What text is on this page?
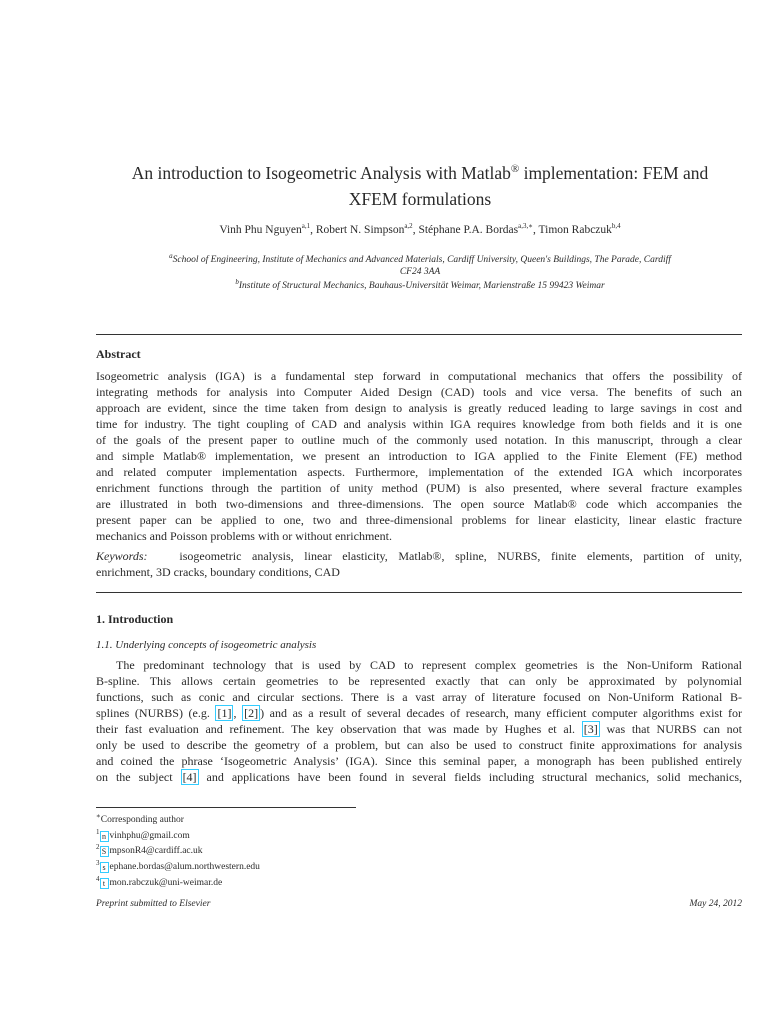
An introduction to Isogeometric Analysis with Matlab® implementation: FEM and
XFEM formulations
Vinh Phu Nguyen$^{a,1}$, Robert N. Simpson$^{a,2}$, Stéphane P.A. Bordas$^{a,3,∗}$, Timon Rabczuk$^{b,4}$
$^a$School of Engineering, Institute of Mechanics and Advanced Materials, Cardiff University, Queen's Buildings, The Parade, Cardiff
CF24 3AA
$^b$Institute of Structural Mechanics, Bauhaus-Universität Weimar, Marienstraße 15 99423 Weimar
Abstract
Isogeometric analysis (IGA) is a fundamental step forward in computational mechanics that offers the possibility of
integrating methods for analysis into Computer Aided Design (CAD) tools and vice versa. The benefits of such an
approach are evident, since the time taken from design to analysis is greatly reduced leading to large savings in cost and
time for industry. The tight coupling of CAD and analysis within IGA requires knowledge from both fields and it is one
of the goals of the present paper to outline much of the commonly used notation. In this manuscript, through a clear
and simple Matlab® implementation, we present an introduction to IGA applied to the Finite Element (FE) method
and related computer implementation aspects. Furthermore, implementation of the extended IGA which incorporates
enrichment functions through the partition of unity method (PUM) is also presented, where several fracture examples
are illustrated in both two-dimensions and three-dimensions. The open source Matlab® code which accompanies the
present paper can be applied to one, two and three-dimensional problems for linear elasticity, linear elastic fracture
mechanics and Poisson problems with or without enrichment.
Keywords:	isogeometric analysis, linear elasticity, Matlab®, spline, NURBS, finite elements, partition of unity,
enrichment, 3D cracks, boundary conditions, CAD
1. Introduction
1.1. Underlying concepts of isogeometric analysis
The predominant technology that is used by CAD to represent complex geometries is the Non-Uniform Rational
B-spline. This allows certain geometries to be represented exactly that can only be approximated by polynomial
functions, such as conic and circular sections. There is a vast array of literature focused on Non-Uniform Rational B-
splines (NURBS) (e.g. [1] , [2] ) and as a result of several decades of research, many efficient computer algorithms exist for
their fast evaluation and refinement. The key observation that was made by Hughes et al. [3] was that NURBS can not
only be used to describe the geometry of a problem, but can also be used to construct finite approximations for analysis
and coined the phrase ‘Isogeometric Analysis’ (IGA). Since this seminal paper, a monograph has been published entirely
on the subject [4] and applications have been found in several fields including structural mechanics, solid mechanics,
∗Corresponding author
$^1$n vinhphu@gmail.com
$^2$S mpsonR4@cardiff.ac.uk
$^3$s ephane.bordas@alum.northwestern.edu
$^4$t mon.rabczuk@uni-weimar.de
Preprint submitted to Elsevier	May 24, 2012
